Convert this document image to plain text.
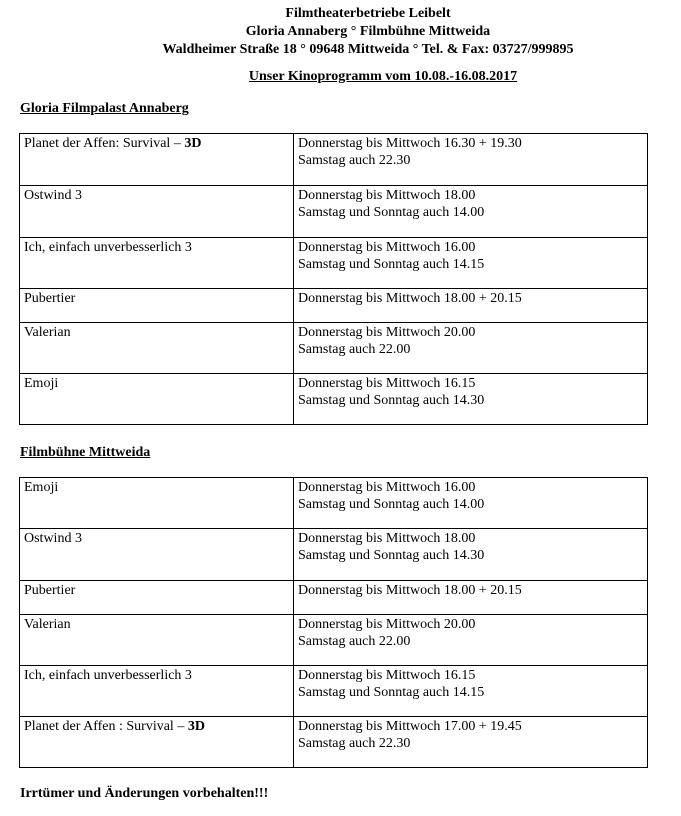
Filmtheaterbetriebe Leibelt
Gloria Annaberg ° Filmbühne Mittweida
Waldheimer Straße 18 ° 09648 Mittweida ° Tel. & Fax: 03727/999895
Unser Kinoprogramm vom 10.08.-16.08.2017
Gloria Filmpalast Annaberg
Planet der Affen: Survival – 3D	Donnerstag bis Mittwoch 16.30 + 19.30
Samstag auch 22.30

Ostwind 3	Donnerstag bis Mittwoch 18.00
Samstag und Sonntag auch 14.00

Ich, einfach unverbesserlich 3	Donnerstag bis Mittwoch 16.00
Samstag und Sonntag auch 14.15

Pubertier	Donnerstag bis Mittwoch 18.00 + 20.15

Valerian	Donnerstag bis Mittwoch 20.00
Samstag auch 22.00

Emoji	Donnerstag bis Mittwoch 16.15
Samstag und Sonntag auch 14.30
Filmbühne Mittweida
Emoji	Donnerstag bis Mittwoch 16.00
Samstag und Sonntag auch 14.00

Ostwind 3	Donnerstag bis Mittwoch 18.00
Samstag und Sonntag auch 14.30

Pubertier	Donnerstag bis Mittwoch 18.00 + 20.15

Valerian	Donnerstag bis Mittwoch 20.00
Samstag auch 22.00

Ich, einfach unverbesserlich 3	Donnerstag bis Mittwoch 16.15
Samstag und Sonntag auch 14.15

Planet der Affen : Survival – 3D	Donnerstag bis Mittwoch 17.00 + 19.45
Samstag auch 22.30
Irrtümer und Änderungen vorbehalten!!!
